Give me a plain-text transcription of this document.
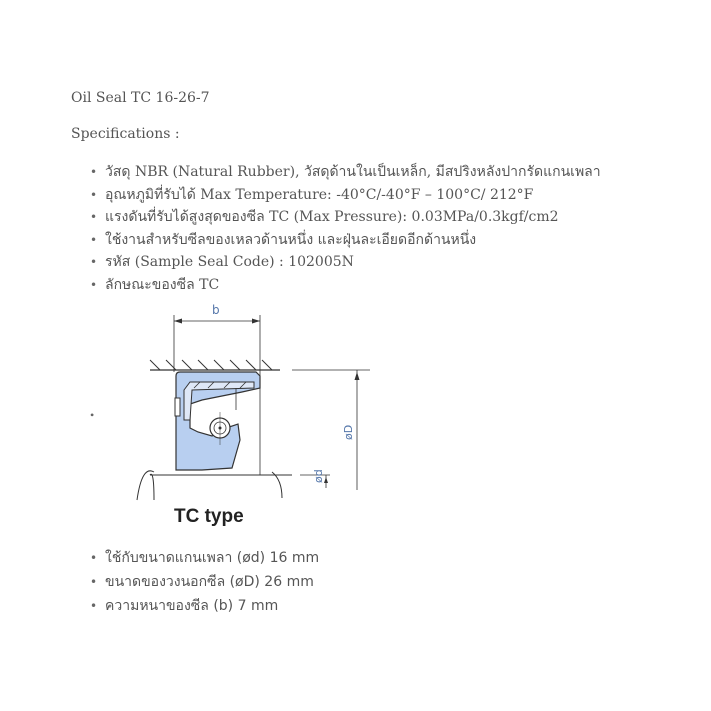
Oil Seal TC 16-26-7
Specifications :
• วัสดุ NBR (Natural Rubber), วัสดุด้านในเป็นเหล็ก, มีสปริงหลังปากรัดแกนเพลา
• อุณหภูมิที่รับได้ Max Temperature: -40°C/-40°F – 100°C/ 212°F
• แรงดันที่รับได้สูงสุดของซีล TC (Max Pressure): 0.03MPa/0.3kgf/cm2
• ใช้งานสำหรับซีลของเหลวด้านหนึ่ง และฝุ่นละเอียดอีกด้านหนึ่ง
• รหัส (Sample Seal Code) : 102005N
• ลักษณะของซีล TC
•
b
øD
ød
TC type
• ใช้กับขนาดแกนเพลา (ød) 16 mm
• ขนาดของวงนอกซีล (øD) 26 mm
• ความหนาของซีล (b) 7 mm
